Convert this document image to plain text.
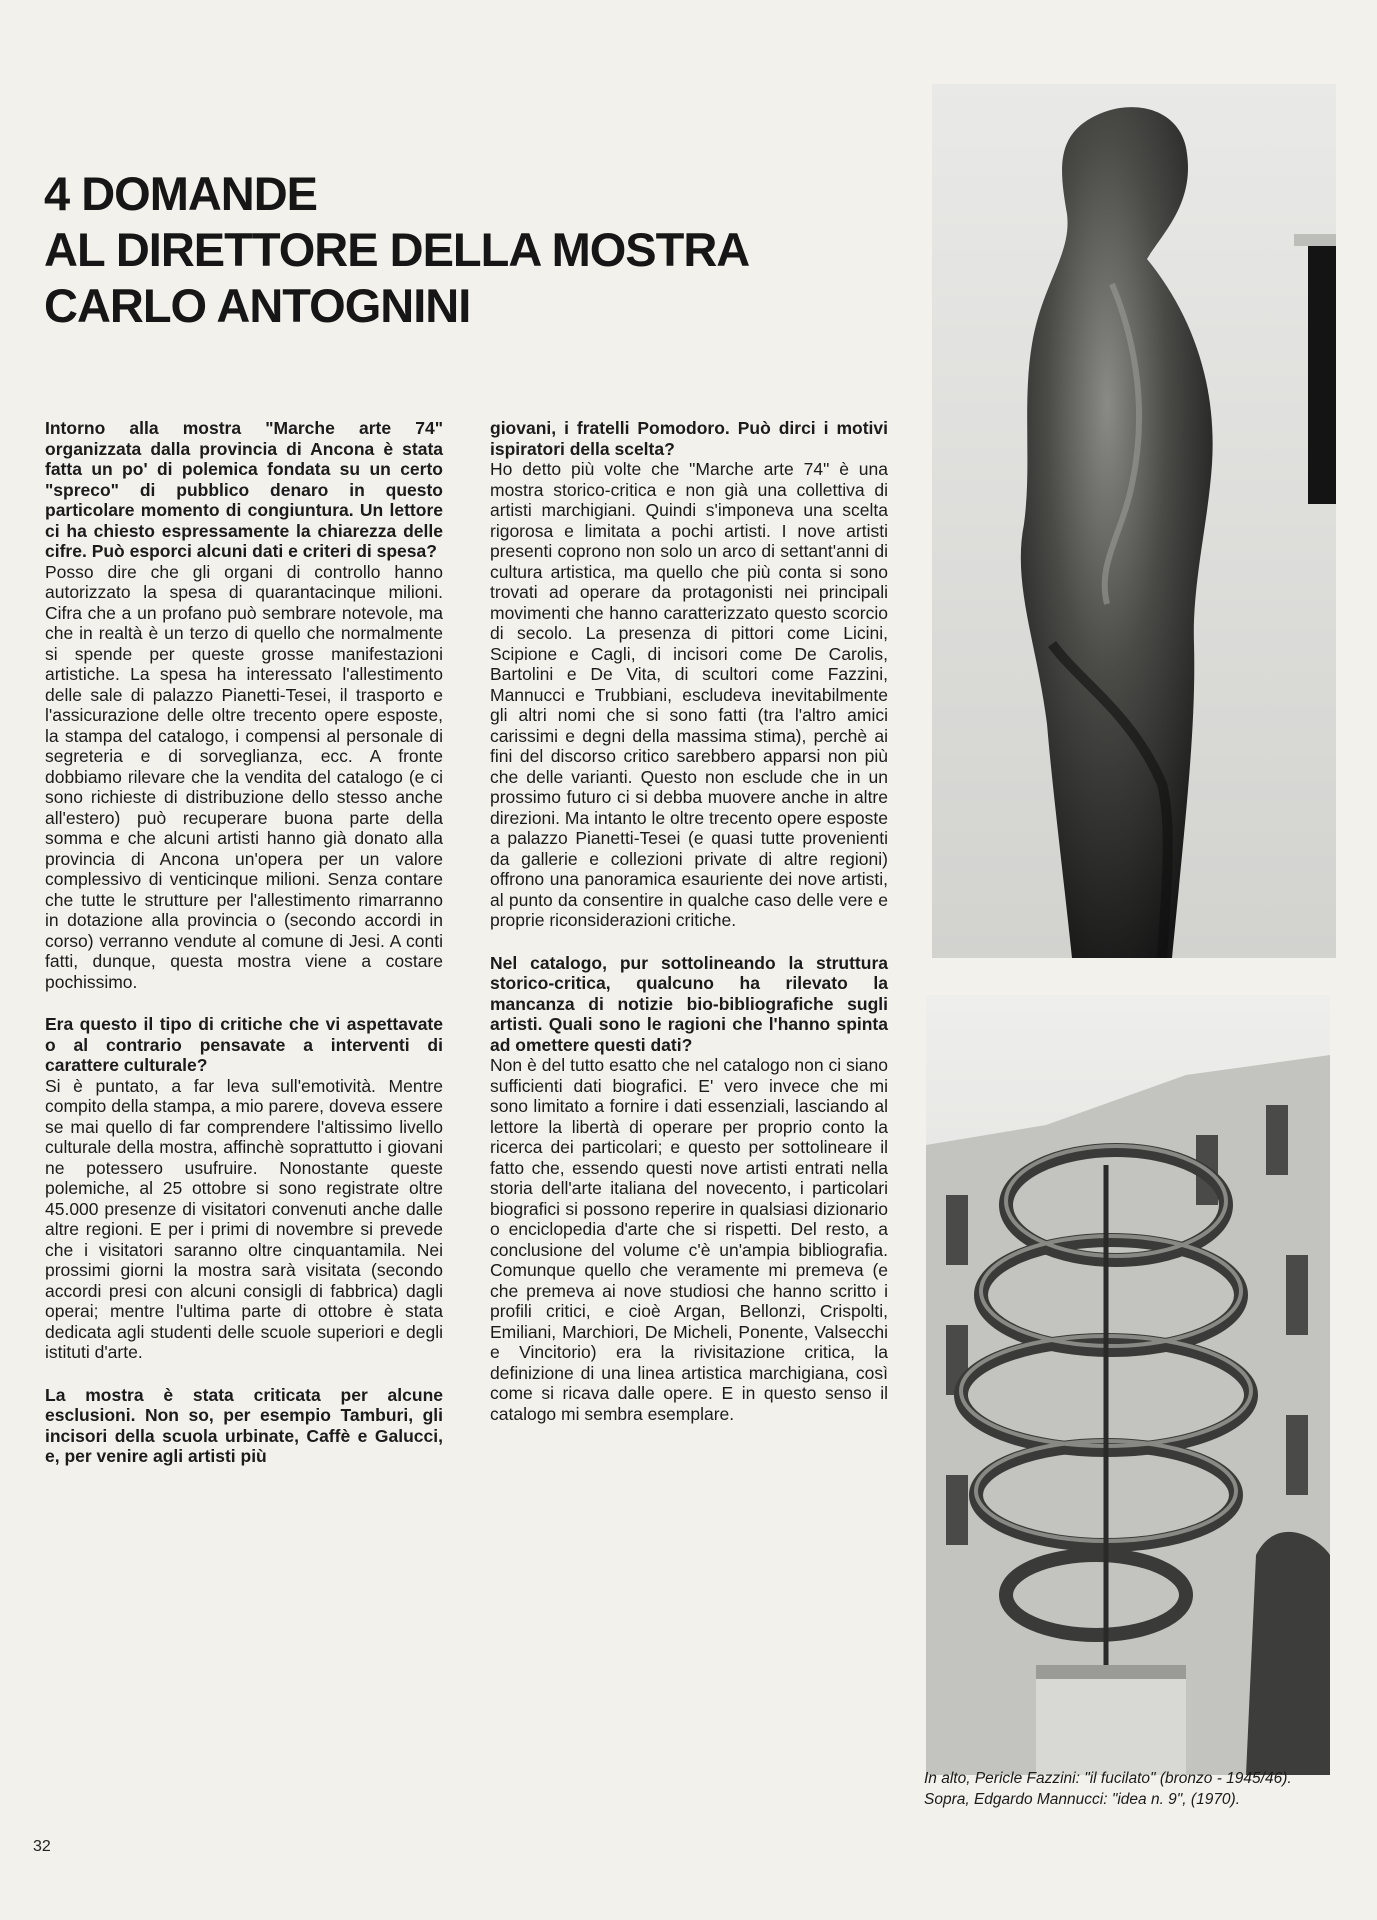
4 DOMANDE
AL DIRETTORE DELLA MOSTRA
CARLO ANTOGNINI

Intorno alla mostra "Marche arte 74" organizzata dalla provincia di Ancona è stata fatta un po' di polemica fondata su un certo "spreco" di pubblico denaro in questo particolare momento di congiuntura. Un lettore ci ha chiesto espressamente la chiarezza delle cifre. Può esporci alcuni dati e criteri di spesa?

Posso dire che gli organi di controllo hanno autorizzato la spesa di quarantacinque milioni. Cifra che a un profano può sembrare notevole, ma che in realtà è un terzo di quello che normalmente si spende per queste grosse manifestazioni artistiche. La spesa ha interessato l'allestimento delle sale di palazzo Pianetti-Tesei, il trasporto e l'assicurazione delle oltre trecento opere esposte, la stampa del catalogo, i compensi al personale di segreteria e di sorveglianza, ecc. A fronte dobbiamo rilevare che la vendita del catalogo (e ci sono richieste di distribuzione dello stesso anche all'estero) può recuperare buona parte della somma e che alcuni artisti hanno già donato alla provincia di Ancona un'opera per un valore complessivo di venticinque milioni. Senza contare che tutte le strutture per l'allestimento rimarranno in dotazione alla provincia o (secondo accordi in corso) verranno vendute al comune di Jesi. A conti fatti, dunque, questa mostra viene a costare pochissimo.

Era questo il tipo di critiche che vi aspettavate o al contrario pensavate a interventi di carattere culturale?

Si è puntato, a far leva sull'emotività. Mentre compito della stampa, a mio parere, doveva essere se mai quello di far comprendere l'altissimo livello culturale della mostra, affinchè soprattutto i giovani ne potessero usufruire. Nonostante queste polemiche, al 25 ottobre si sono registrate oltre 45.000 presenze di visitatori convenuti anche dalle altre regioni. E per i primi di novembre si prevede che i visitatori saranno oltre cinquantamila. Nei prossimi giorni la mostra sarà visitata (secondo accordi presi con alcuni consigli di fabbrica) dagli operai; mentre l'ultima parte di ottobre è stata dedicata agli studenti delle scuole superiori e degli istituti d'arte.

La mostra è stata criticata per alcune esclusioni. Non so, per esempio Tamburi, gli incisori della scuola urbinate, Caffè e Galucci, e, per venire agli artisti più

giovani, i fratelli Pomodoro. Può dirci i motivi ispiratori della scelta?

Ho detto più volte che "Marche arte 74" è una mostra storico-critica e non già una collettiva di artisti marchigiani. Quindi s'imponeva una scelta rigorosa e limitata a pochi artisti. I nove artisti presenti coprono non solo un arco di settant'anni di cultura artistica, ma quello che più conta si sono trovati ad operare da protagonisti nei principali movimenti che hanno caratterizzato questo scorcio di secolo. La presenza di pittori come Licini, Scipione e Cagli, di incisori come De Carolis, Bartolini e De Vita, di scultori come Fazzini, Mannucci e Trubbiani, escludeva inevitabilmente gli altri nomi che si sono fatti (tra l'altro amici carissimi e degni della massima stima), perchè ai fini del discorso critico sarebbero apparsi non più che delle varianti. Questo non esclude che in un prossimo futuro ci si debba muovere anche in altre direzioni. Ma intanto le oltre trecento opere esposte a palazzo Pianetti-Tesei (e quasi tutte provenienti da gallerie e collezioni private di altre regioni) offrono una panoramica esauriente dei nove artisti, al punto da consentire in qualche caso delle vere e proprie riconsiderazioni critiche.

Nel catalogo, pur sottolineando la struttura storico-critica, qualcuno ha rilevato la mancanza di notizie bio-bibliografiche sugli artisti. Quali sono le ragioni che l'hanno spinta ad omettere questi dati?

Non è del tutto esatto che nel catalogo non ci siano sufficienti dati biografici. E' vero invece che mi sono limitato a fornire i dati essenziali, lasciando al lettore la libertà di operare per proprio conto la ricerca dei particolari; e questo per sottolineare il fatto che, essendo questi nove artisti entrati nella storia dell'arte italiana del novecento, i particolari biografici si possono reperire in qualsiasi dizionario o enciclopedia d'arte che si rispetti. Del resto, a conclusione del volume c'è un'ampia bibliografia. Comunque quello che veramente mi premeva (e che premeva ai nove studiosi che hanno scritto i profili critici, e cioè Argan, Bellonzi, Crispolti, Emiliani, Marchiori, De Micheli, Ponente, Valsecchi e Vincitorio) era la rivisitazione critica, la definizione di una linea artistica marchigiana, così come si ricava dalle opere. E in questo senso il catalogo mi sembra esemplare.

In alto, Pericle Fazzini: "il fucilato" (bronzo - 1945/46).
Sopra, Edgardo Mannucci: "idea n. 9", (1970).
32
